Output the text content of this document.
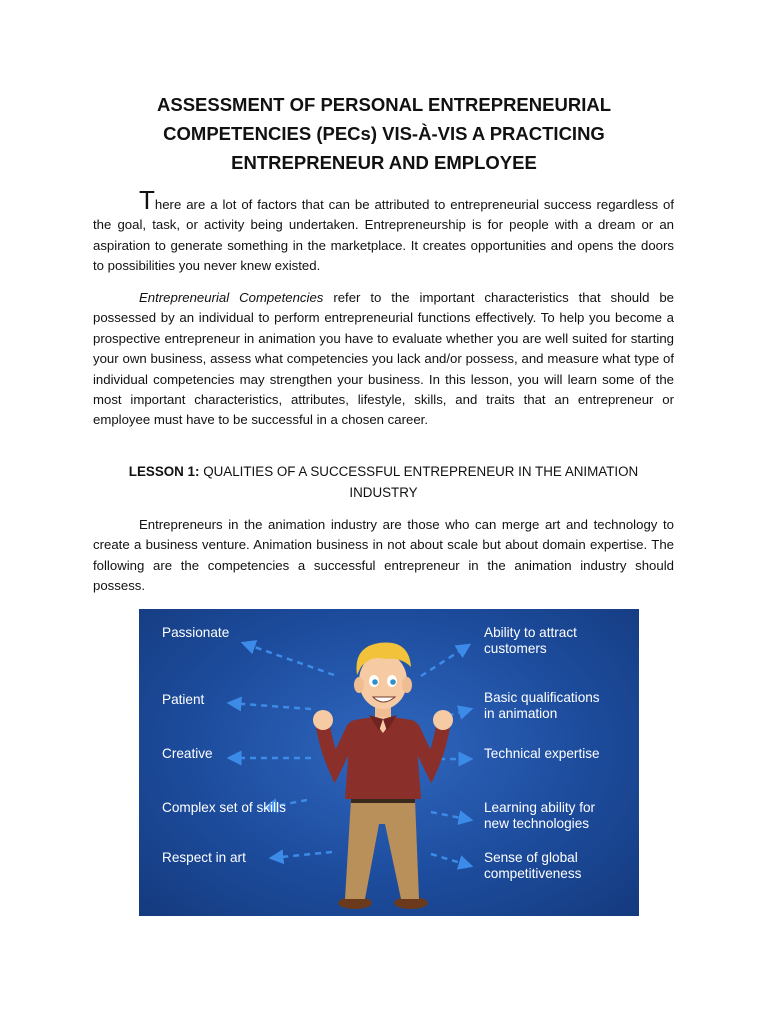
ASSESSMENT OF PERSONAL ENTREPRENEURIAL
COMPETENCIES (PECs) VIS-À-VIS A PRACTICING
ENTREPRENEUR AND EMPLOYEE
There are a lot of factors that can be attributed to entrepreneurial success regardless of the goal, task, or activity being undertaken. Entrepreneurship is for people with a dream or an aspiration to generate something in the marketplace. It creates opportunities and opens the doors to possibilities you never knew existed.
Entrepreneurial Competencies refer to the important characteristics that should be possessed by an individual to perform entrepreneurial functions effectively. To help you become a prospective entrepreneur in animation you have to evaluate whether you are well suited for starting your own business, assess what competencies you lack and/or possess, and measure what type of individual competencies may strengthen your business. In this lesson, you will learn some of the most important characteristics, attributes, lifestyle, skills, and traits that an entrepreneur or employee must have to be successful in a chosen career.
LESSON 1: QUALITIES OF A SUCCESSFUL ENTREPRENEUR IN THE ANIMATION INDUSTRY
Entrepreneurs in the animation industry are those who can merge art and technology to create a business venture. Animation business in not about scale but about domain expertise. The following are the competencies a successful entrepreneur in the animation industry should possess.
Passionate
Patient
Creative
Complex set of skills
Respect in art
Ability to attract
customers
Basic qualifications
in animation
Technical expertise
Learning ability for
new technologies
Sense of global
competitiveness
